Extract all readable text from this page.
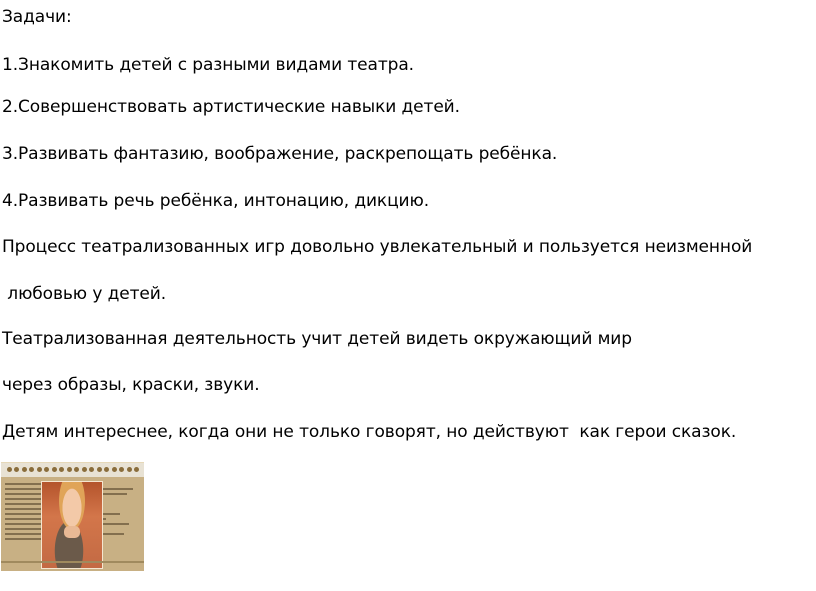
Задачи:

1.Знакомить детей с разными видами театра.

2.Совершенствовать артистические навыки детей.

3.Развивать фантазию, воображение, раскрепощать ребёнка.

4.Развивать речь ребёнка, интонацию, дикцию.

Процесс театрализованных игр довольно увлекательный и пользуется неизменной

любовью у детей.

Театрализованная деятельность учит детей видеть окружающий мир

через образы, краски, звуки.

Детям интереснее, когда они не только говорят, но действуют  как герои сказок.
